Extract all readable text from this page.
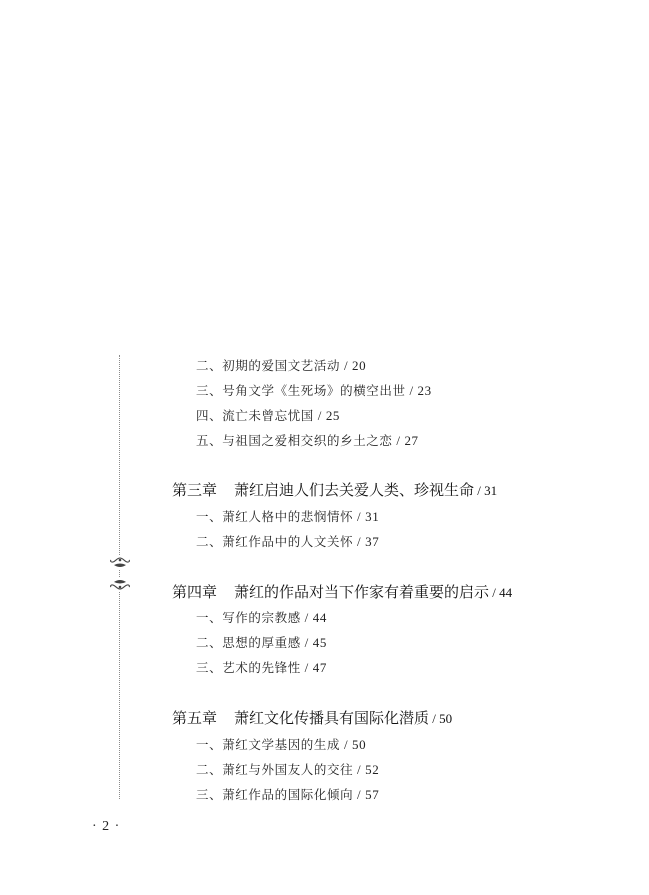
二、初期的爱国文艺活动 / 20
三、号角文学《生死场》的横空出世 / 23
四、流亡未曾忘忧国 / 25
五、与祖国之爱相交织的乡土之恋 / 27
第三章 萧红启迪人们去关爱人类、珍视生命 / 31
一、萧红人格中的悲悯情怀 / 31
二、萧红作品中的人文关怀 / 37
第四章 萧红的作品对当下作家有着重要的启示 / 44
一、写作的宗教感 / 44
二、思想的厚重感 / 45
三、艺术的先锋性 / 47
第五章 萧红文化传播具有国际化潜质 / 50
一、萧红文学基因的生成 / 50
二、萧红与外国友人的交往 / 52
三、萧红作品的国际化倾向 / 57
· 2 ·
